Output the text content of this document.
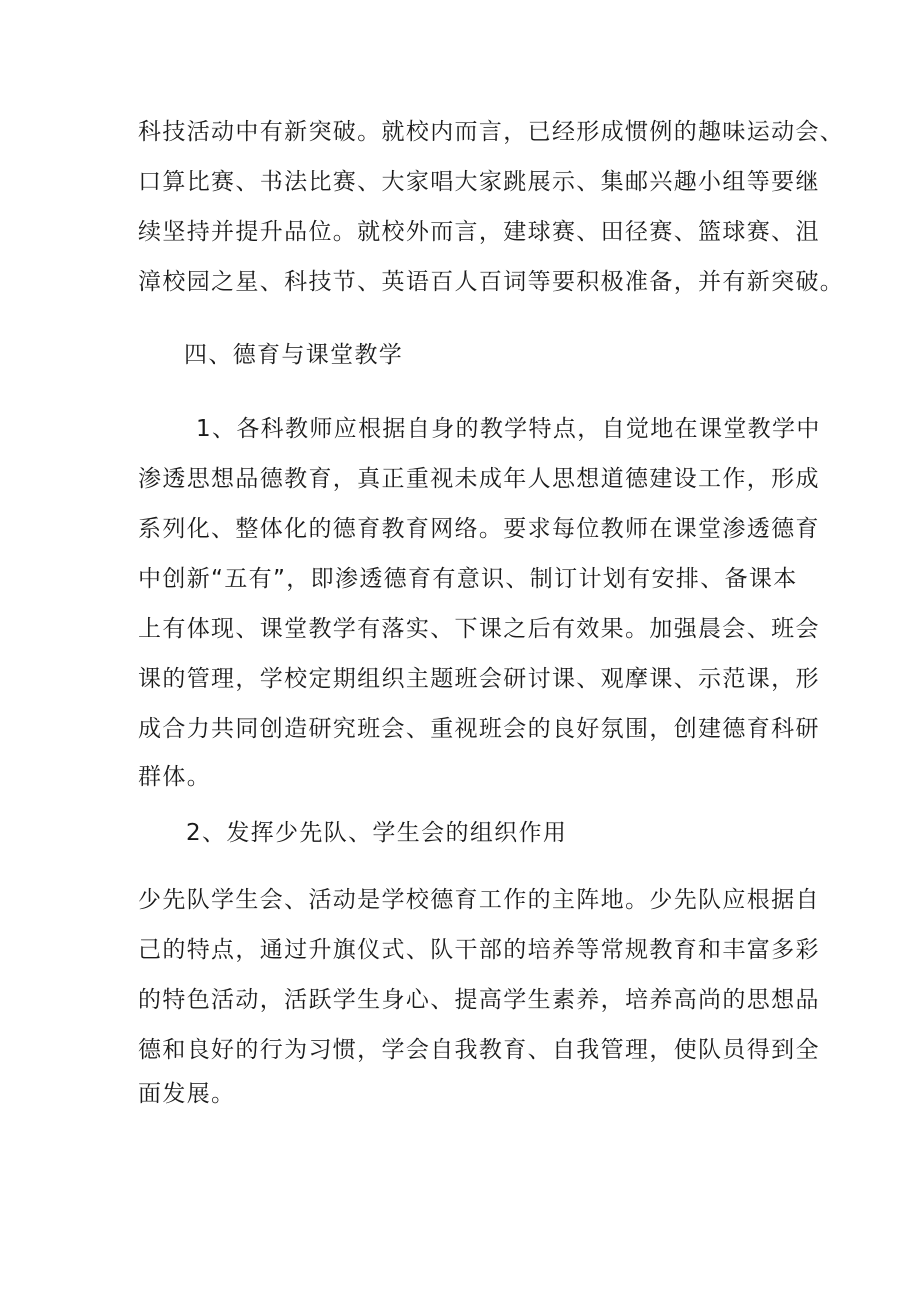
科技活动中有新突破。就校内而言，已经形成惯例的趣味运动会、
口算比赛、书法比赛、大家唱大家跳展示、集邮兴趣小组等要继
续坚持并提升品位。就校外而言，建球赛、田径赛、篮球赛、沮
漳校园之星、科技节、英语百人百词等要积极准备，并有新突破。
四、德育与课堂教学
1、各科教师应根据自身的教学特点，自觉地在课堂教学中
渗透思想品德教育，真正重视未成年人思想道德建设工作，形成
系列化、整体化的德育教育网络。要求每位教师在课堂渗透德育
中创新“五有”，即渗透德育有意识、制订计划有安排、备课本
上有体现、课堂教学有落实、下课之后有效果。加强晨会、班会
课的管理，学校定期组织主题班会研讨课、观摩课、示范课，形
成合力共同创造研究班会、重视班会的良好氛围，创建德育科研
群体。
2、发挥少先队、学生会的组织作用
少先队学生会、活动是学校德育工作的主阵地。少先队应根据自
己的特点，通过升旗仪式、队干部的培养等常规教育和丰富多彩
的特色活动，活跃学生身心、提高学生素养，培养高尚的思想品
德和良好的行为习惯，学会自我教育、自我管理，使队员得到全
面发展。
